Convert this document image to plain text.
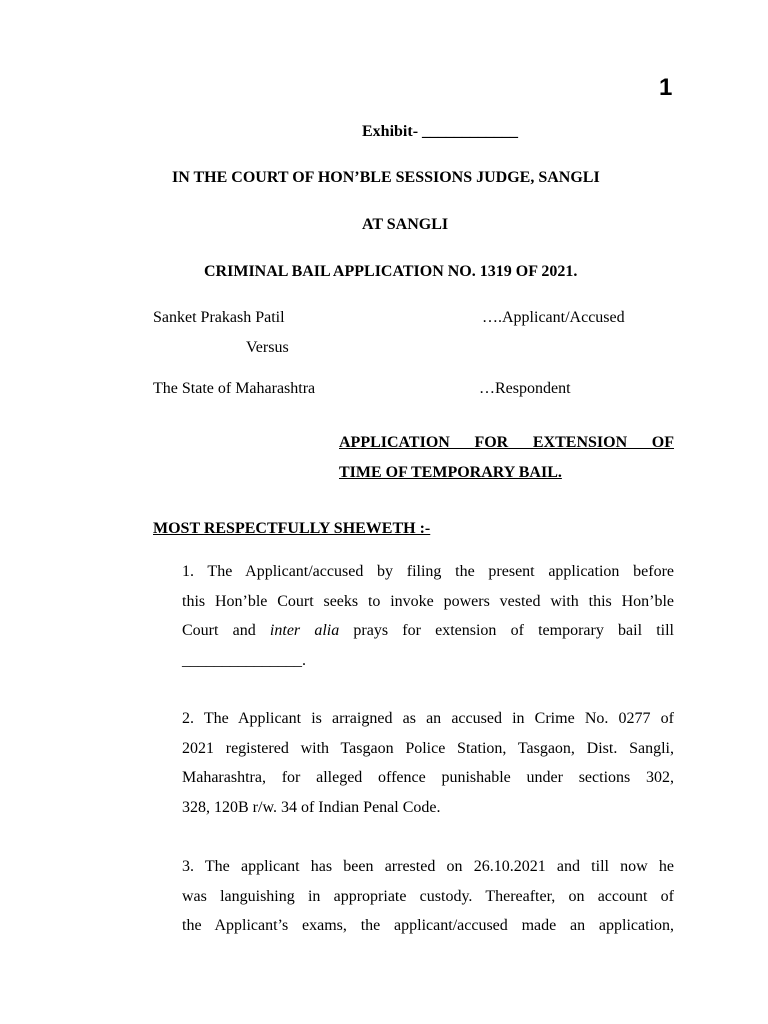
1
Exhibit- ____________
IN THE COURT OF HON’BLE SESSIONS JUDGE, SANGLI
AT SANGLI
CRIMINAL BAIL APPLICATION NO. 1319 OF 2021.
Sanket Prakash Patil	….Applicant/Accused
Versus
The State of Maharashtra	…Respondent
APPLICATION FOR EXTENSION OF
TIME OF TEMPORARY BAIL.
MOST RESPECTFULLY SHEWETH :-
1. The Applicant/accused by filing the present application before
this Hon’ble Court seeks to invoke powers vested with this Hon’ble
Court and inter alia prays for extension of temporary bail till
_______________.
2. The Applicant is arraigned as an accused in Crime No. 0277 of
2021 registered with Tasgaon Police Station, Tasgaon, Dist. Sangli,
Maharashtra, for alleged offence punishable under sections 302,
328, 120B r/w. 34 of Indian Penal Code.
3. The applicant has been arrested on 26.10.2021 and till now he
was languishing in appropriate custody. Thereafter, on account of
the Applicant’s exams, the applicant/accused made an application,
